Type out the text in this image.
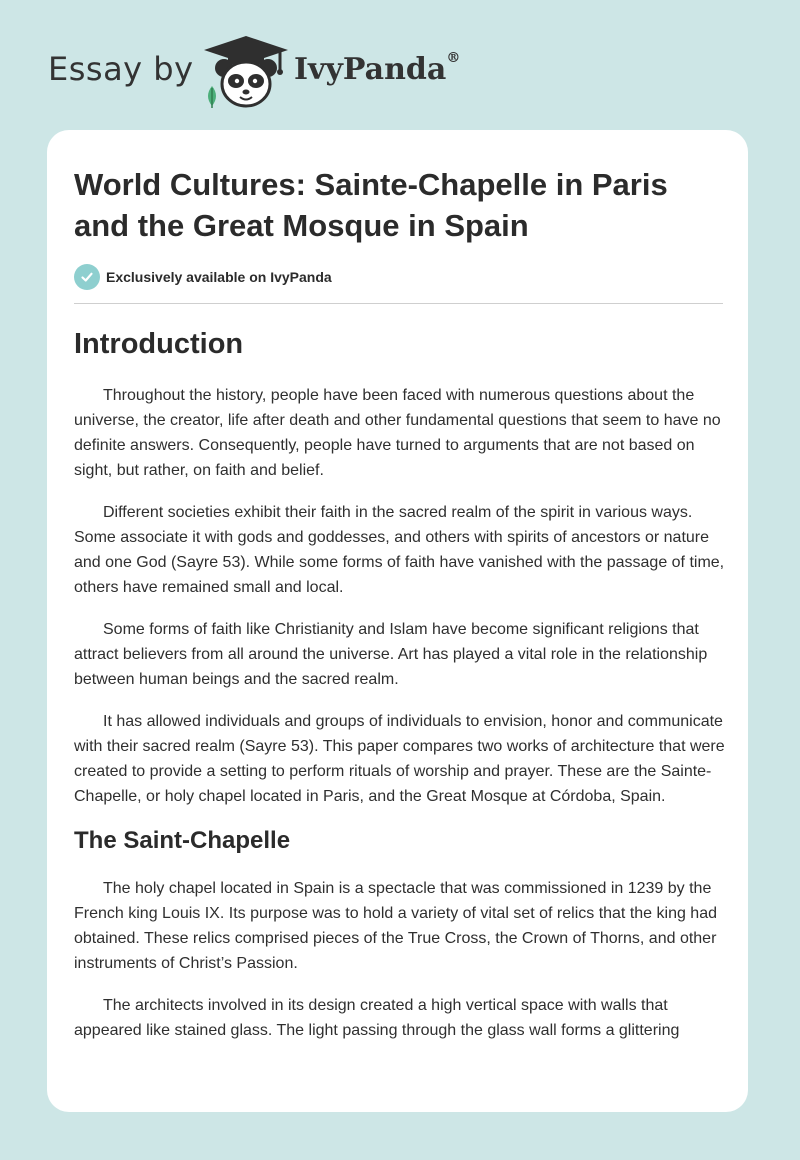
Essay by	IvyPanda®
World Cultures: Sainte-Chapelle in Paris and the Great Mosque in Spain
Exclusively available on IvyPanda
Introduction

Throughout the history, people have been faced with numerous questions about the universe, the creator, life after death and other fundamental questions that seem to have no definite answers. Consequently, people have turned to arguments that are not based on sight, but rather, on faith and belief.

Different societies exhibit their faith in the sacred realm of the spirit in various ways. Some associate it with gods and goddesses, and others with spirits of ancestors or nature and one God (Sayre 53). While some forms of faith have vanished with the passage of time, others have remained small and local.

Some forms of faith like Christianity and Islam have become significant religions that attract believers from all around the universe. Art has played a vital role in the relationship between human beings and the sacred realm.

It has allowed individuals and groups of individuals to envision, honor and communicate with their sacred realm (Sayre 53). This paper compares two works of architecture that were created to provide a setting to perform rituals of worship and prayer. These are the Sainte-Chapelle, or holy chapel located in Paris, and the Great Mosque at Córdoba, Spain.

The Saint-Chapelle

The holy chapel located in Spain is a spectacle that was commissioned in 1239 by the French king Louis IX. Its purpose was to hold a variety of vital set of relics that the king had obtained. These relics comprised pieces of the True Cross, the Crown of Thorns, and other instruments of Christ’s Passion.

The architects involved in its design created a high vertical space with walls that appeared like stained glass. The light passing through the glass wall forms a glittering
